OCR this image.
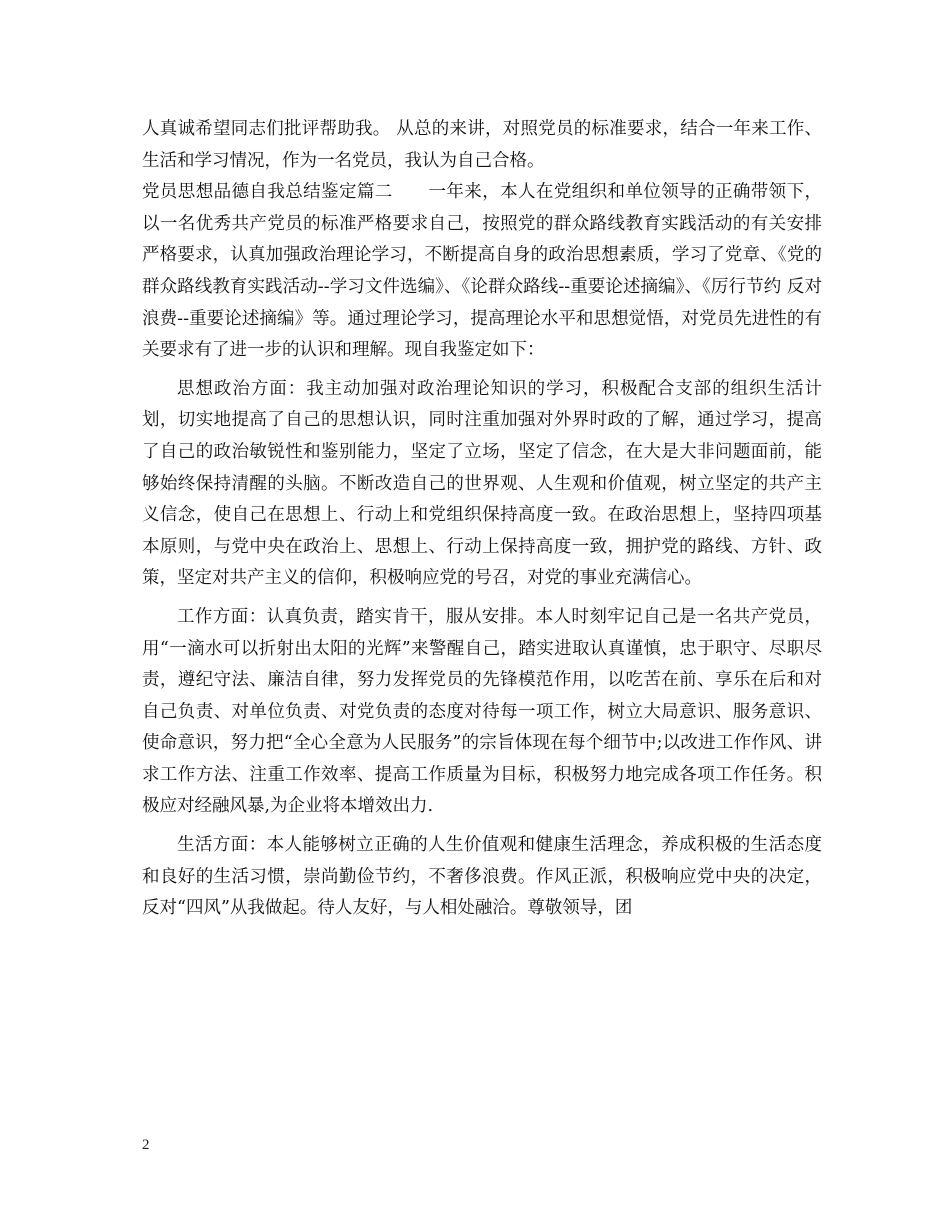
人真诚希望同志们批评帮助我。 从总的来讲，对照党员的标准要求，结合一年来工作、生活和学习情况，作为一名党员，我认为自己合格。

党员思想品德自我总结鉴定篇二　　一年来，本人在党组织和单位领导的正确带领下，以一名优秀共产党员的标准严格要求自己，按照党的群众路线教育实践活动的有关安排严格要求，认真加强政治理论学习，不断提高自身的政治思想素质，学习了党章、《党的群众路线教育实践活动--学习文件选编》、《论群众路线--重要论述摘编》、《厉行节约 反对浪费--重要论述摘编》等。通过理论学习，提高理论水平和思想觉悟，对党员先进性的有关要求有了进一步的认识和理解。现自我鉴定如下：

思想政治方面：我主动加强对政治理论知识的学习，积极配合支部的组织生活计划，切实地提高了自己的思想认识，同时注重加强对外界时政的了解，通过学习，提高了自己的政治敏锐性和鉴别能力，坚定了立场，坚定了信念，在大是大非问题面前，能够始终保持清醒的头脑。不断改造自己的世界观、人生观和价值观，树立坚定的共产主义信念，使自己在思想上、行动上和党组织保持高度一致。在政治思想上，坚持四项基本原则，与党中央在政治上、思想上、行动上保持高度一致，拥护党的路线、方针、政策，坚定对共产主义的信仰，积极响应党的号召，对党的事业充满信心。

工作方面：认真负责，踏实肯干，服从安排。本人时刻牢记自己是一名共产党员，用“一滴水可以折射出太阳的光辉”来警醒自己，踏实进取认真谨慎，忠于职守、尽职尽责，遵纪守法、廉洁自律，努力发挥党员的先锋模范作用，以吃苦在前、享乐在后和对自己负责、对单位负责、对党负责的态度对待每一项工作，树立大局意识、服务意识、使命意识，努力把“全心全意为人民服务”的宗旨体现在每个细节中;以改进工作作风、讲求工作方法、注重工作效率、提高工作质量为目标，积极努力地完成各项工作任务。积极应对经融风暴,为企业将本增效出力.

生活方面：本人能够树立正确的人生价值观和健康生活理念，养成积极的生活态度和良好的生活习惯，崇尚勤俭节约，不奢侈浪费。作风正派，积极响应党中央的决定，反对“四风”从我做起。待人友好，与人相处融洽。尊敬领导，团

2
